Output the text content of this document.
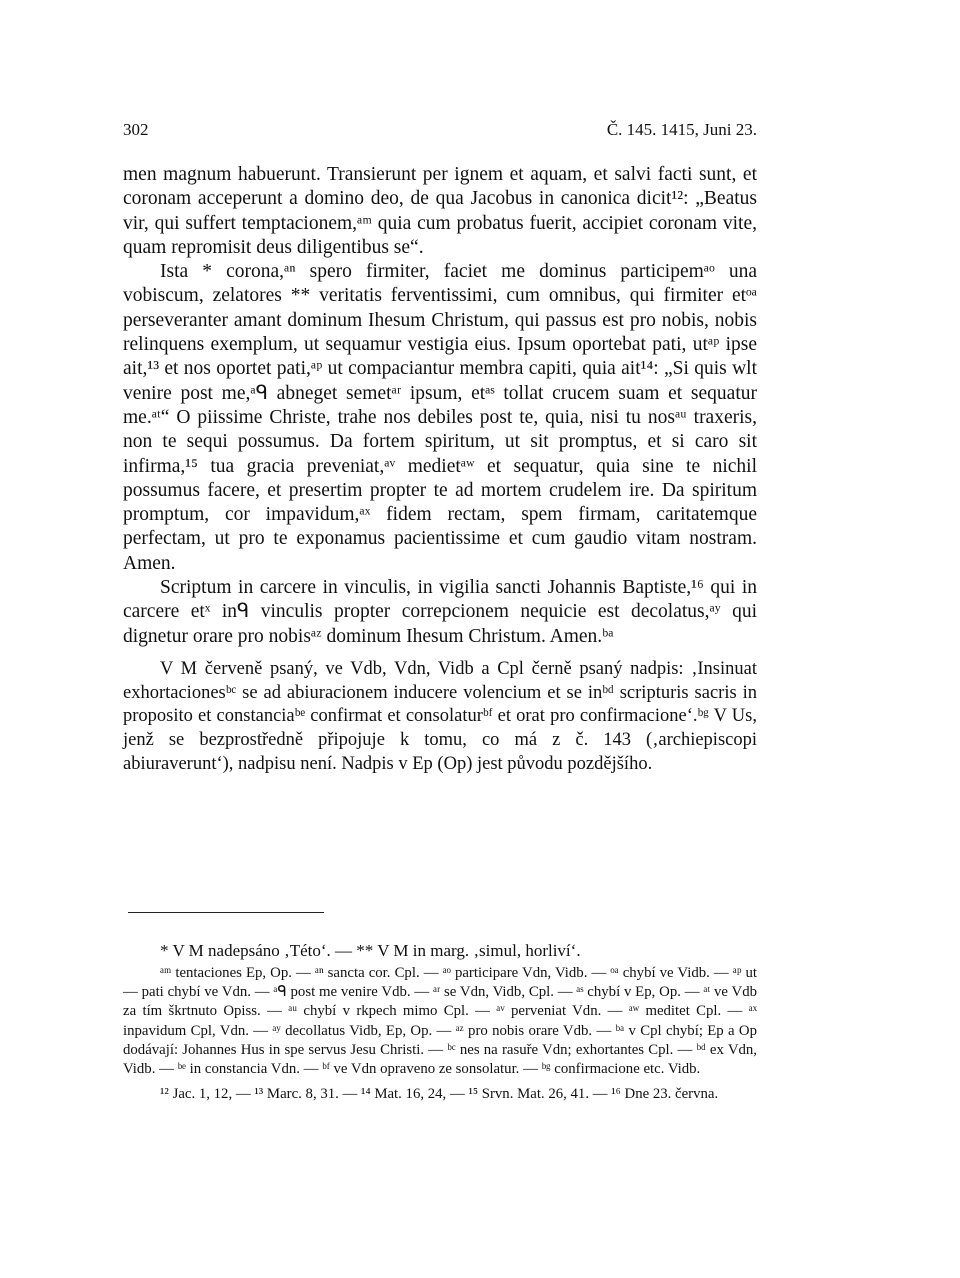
302	Č. 145. 1415, Juni 23.

men magnum habuerunt. Transierunt per ignem et aquam, et salvi facti sunt, et coronam acceperunt a domino deo, de qua Jacobus in canonica dicit¹²: „Beatus vir, qui suffert temptacionem,ᵃᵐ quia cum probatus fuerit, accipiet coronam vite, quam repromisit deus diligentibus se“.

Ista * corona,ᵃⁿ spero firmiter, faciet me dominus participemᵃᵒ una vobiscum, zelatores ** veritatis ferventissimi, cum omnibus, qui firmiter etᵒᵃ perseveranter amant dominum Ihesum Christum, qui passus est pro nobis, nobis relinquens exemplum, ut sequamur vestigia eius. Ipsum oportebat pati, utᵃᵖ ipse ait,¹³ et nos oportet pati,ᵃᵖ ut compaciantur membra capiti, quia ait¹⁴: „Si quis wlt venire post me,ᵃᑫ abneget semetᵃʳ ipsum, etᵃˢ tollat crucem suam et sequatur me.ᵃᵗ“ O piissime Christe, trahe nos debiles post te, quia, nisi tu nosᵃᵘ traxeris, non te sequi possumus. Da fortem spiritum, ut sit promptus, et si caro sit infirma,¹⁵ tua gracia preveniat,ᵃᵛ medietᵃʷ et sequatur, quia sine te nichil possumus facere, et presertim propter te ad mortem crudelem ire. Da spiritum promptum, cor impavidum,ᵃˣ fidem rectam, spem firmam, caritatemque perfectam, ut pro te exponamus pacientissime et cum gaudio vitam nostram. Amen.

Scriptum in carcere in vinculis, in vigilia sancti Johannis Baptiste,¹⁶ qui in carcere etˣ inᑫ vinculis propter correpcionem nequicie est decolatus,ᵃʸ qui dignetur orare pro nobisᵃᶻ dominum Ihesum Christum. Amen.ᵇᵃ

V M červeně psaný, ve Vdb, Vdn, Vidb a Cpl černě psaný nadpis: ‚Insinuat exhortacionesᵇᶜ se ad abiuracionem inducere volencium et se inᵇᵈ scripturis sacris in proposito et constanciaᵇᵉ confirmat et consolaturᵇᶠ et orat pro confirmacione‘.ᵇᵍ V Us, jenž se bezprostředně připojuje k tomu, co má z č. 143 (‚archiepiscopi abiuraverunt‘), nadpisu není. Nadpis v Ep (Op) jest původu pozdějšího.

* V M nadepsáno ‚Této‘. — ** V M in marg. ‚simul, horliví‘.

ᵃᵐ tentaciones Ep, Op. — ᵃⁿ sancta cor. Cpl. — ᵃᵒ participare Vdn, Vidb. — ᵒᵃ chybí ve Vidb. — ᵃᵖ ut — pati chybí ve Vdn. — ᵃᑫ post me venire Vdb. — ᵃʳ se Vdn, Vidb, Cpl. — ᵃˢ chybí v Ep, Op. — ᵃᵗ ve Vdb za tím škrtnuto Opiss. — ᵃᵘ chybí v rkpech mimo Cpl. — ᵃᵛ perveniat Vdn. — ᵃʷ meditet Cpl. — ᵃˣ inpavidum Cpl, Vdn. — ᵃʸ decollatus Vidb, Ep, Op. — ᵃᶻ pro nobis orare Vdb. — ᵇᵃ v Cpl chybí; Ep a Op dodávají: Johannes Hus in spe servus Jesu Christi. — ᵇᶜ nes na rasuře Vdn; exhortantes Cpl. — ᵇᵈ ex Vdn, Vidb. — ᵇᵉ in constancia Vdn. — ᵇᶠ ve Vdn opraveno ze sonsolatur. — ᵇᵍ confirmacione etc. Vidb.

¹² Jac. 1, 12, — ¹³ Marc. 8, 31. — ¹⁴ Mat. 16, 24, — ¹⁵ Srvn. Mat. 26, 41. — ¹⁶ Dne 23. června.
